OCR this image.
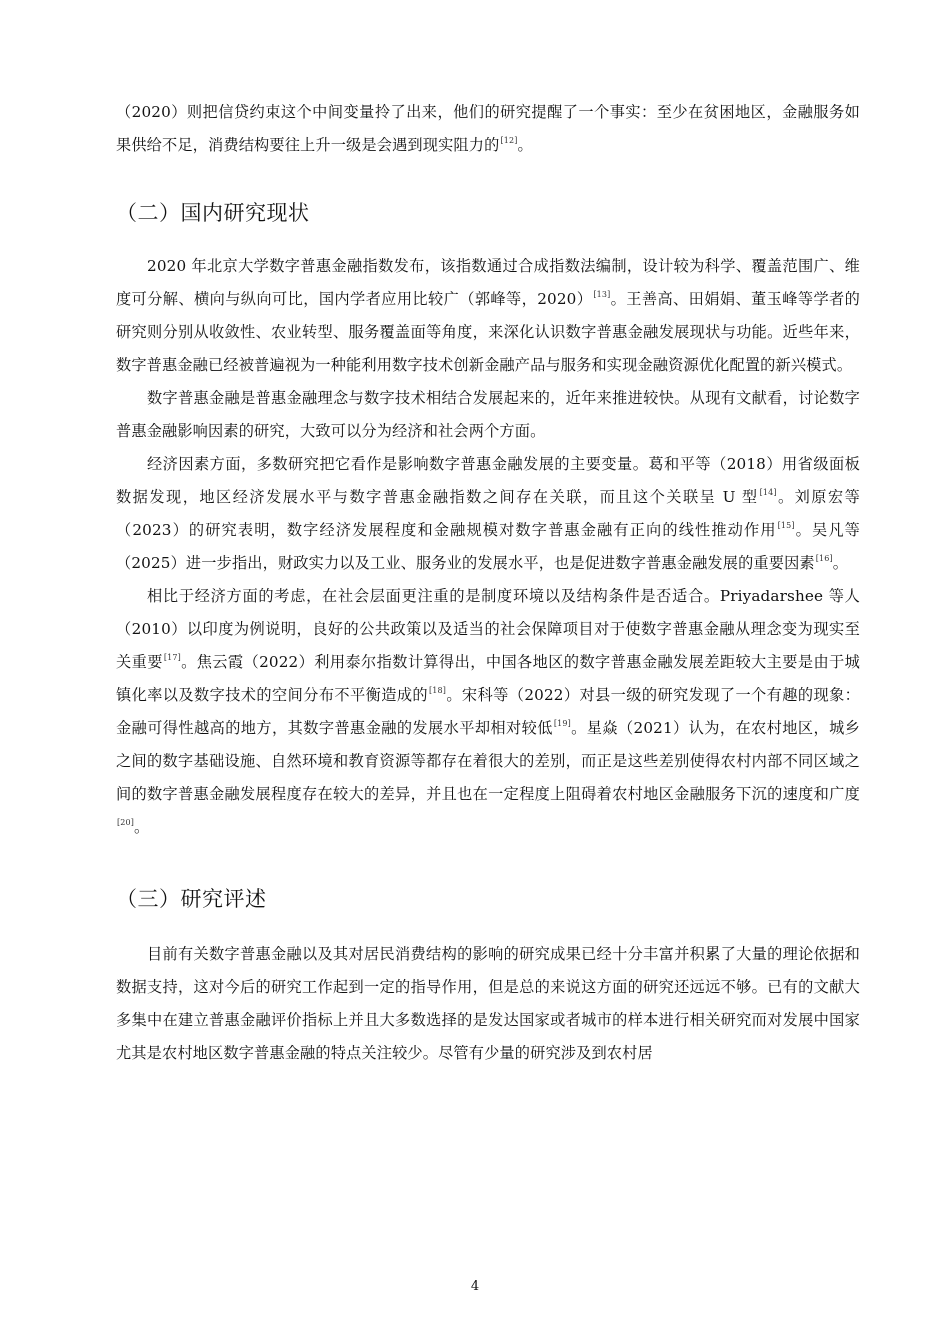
（2020）则把信贷约束这个中间变量拎了出来，他们的研究提醒了一个事实：至少在贫困地区，金融服务如果供给不足，消费结构要往上升一级是会遇到现实阻力的[12]。

（二）国内研究现状

2020 年北京大学数字普惠金融指数发布，该指数通过合成指数法编制，设计较为科学、覆盖范围广、维度可分解、横向与纵向可比，国内学者应用比较广（郭峰等，2020）[13]。王善高、田娟娟、董玉峰等学者的研究则分别从收敛性、农业转型、服务覆盖面等角度，来深化认识数字普惠金融发展现状与功能。近些年来，数字普惠金融已经被普遍视为一种能利用数字技术创新金融产品与服务和实现金融资源优化配置的新兴模式。

数字普惠金融是普惠金融理念与数字技术相结合发展起来的，近年来推进较快。从现有文献看，讨论数字普惠金融影响因素的研究，大致可以分为经济和社会两个方面。

经济因素方面，多数研究把它看作是影响数字普惠金融发展的主要变量。葛和平等（2018）用省级面板数据发现，地区经济发展水平与数字普惠金融指数之间存在关联，而且这个关联呈 U 型[14]。刘原宏等（2023）的研究表明，数字经济发展程度和金融规模对数字普惠金融有正向的线性推动作用[15]。吴凡等（2025）进一步指出，财政实力以及工业、服务业的发展水平，也是促进数字普惠金融发展的重要因素[16]。

相比于经济方面的考虑，在社会层面更注重的是制度环境以及结构条件是否适合。Priyadarshee 等人（2010）以印度为例说明，良好的公共政策以及适当的社会保障项目对于使数字普惠金融从理念变为现实至关重要[17]。焦云霞（2022）利用泰尔指数计算得出，中国各地区的数字普惠金融发展差距较大主要是由于城镇化率以及数字技术的空间分布不平衡造成的[18]。宋科等（2022）对县一级的研究发现了一个有趣的现象：金融可得性越高的地方，其数字普惠金融的发展水平却相对较低[19]。星焱（2021）认为，在农村地区，城乡之间的数字基础设施、自然环境和教育资源等都存在着很大的差别，而正是这些差别使得农村内部不同区域之间的数字普惠金融发展程度存在较大的差异，并且也在一定程度上阻碍着农村地区金融服务下沉的速度和广度[20]。

（三）研究评述

目前有关数字普惠金融以及其对居民消费结构的影响的研究成果已经十分丰富并积累了大量的理论依据和数据支持，这对今后的研究工作起到一定的指导作用，但是总的来说这方面的研究还远远不够。已有的文献大多集中在建立普惠金融评价指标上并且大多数选择的是发达国家或者城市的样本进行相关研究而对发展中国家尤其是农村地区数字普惠金融的特点关注较少。尽管有少量的研究涉及到农村居

4
